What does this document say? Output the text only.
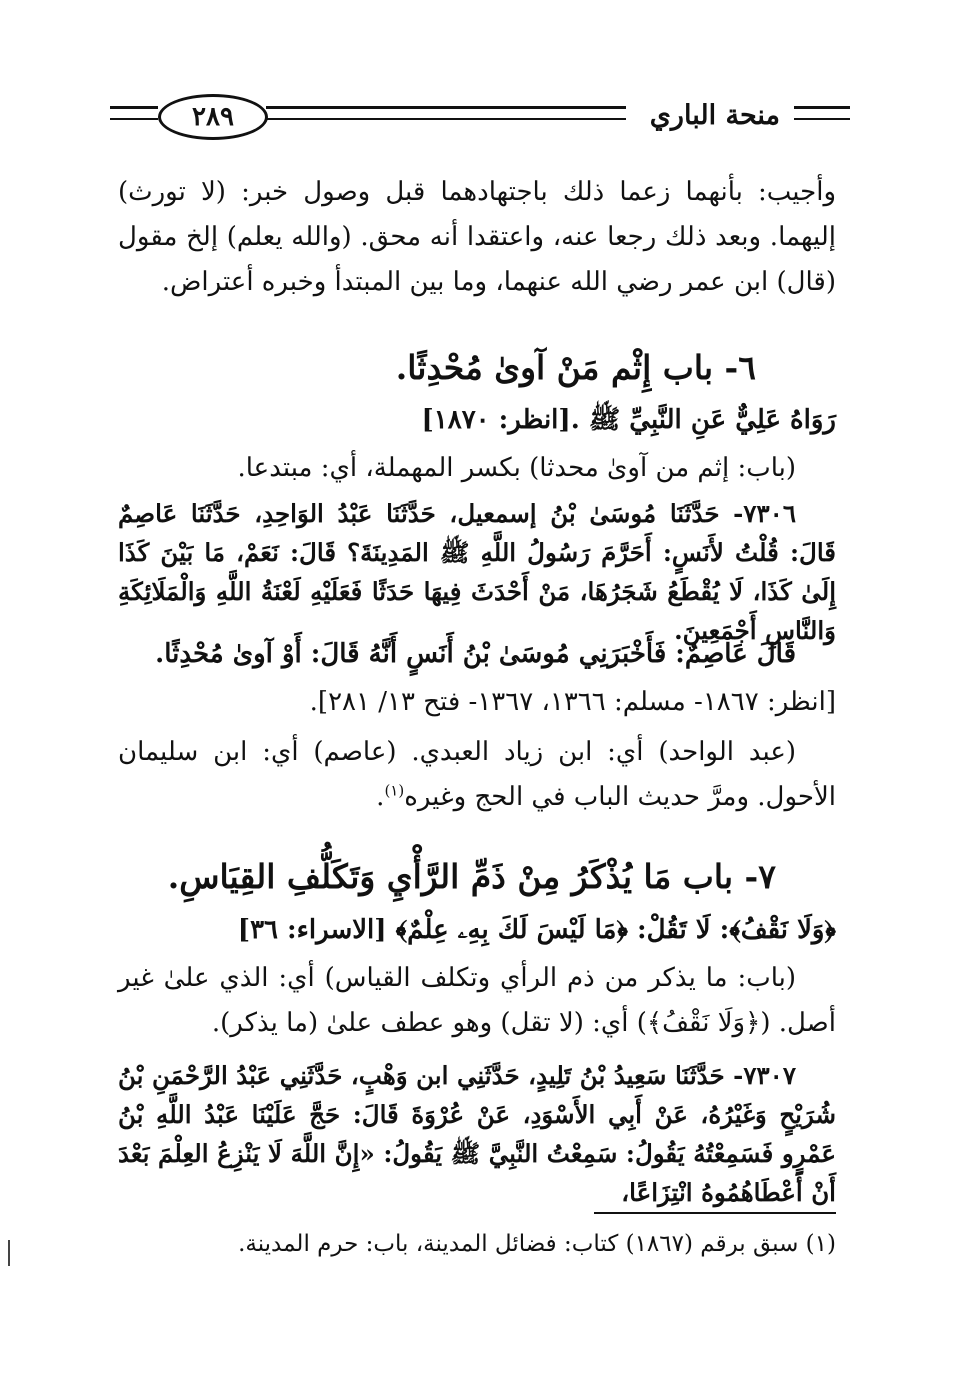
منحة الباري
٢٨٩
وأجيب: بأنهما زعما ذلك باجتهادهما قبل وصول خبر: (لا تورث) إليهما. وبعد ذلك رجعا عنه، واعتقدا أنه محق. (والله يعلم) إلخ مقول (قال) ابن عمر رضي الله عنهما، وما بين المبتدأ وخبره أعتراض.
٦- باب إِثْم مَنْ آوىٰ مُحْدِثًا.
رَوَاهُ عَلِيٌّ عَنِ النَّبِيِّ ﷺ .[انظر: ١٨٧٠]
(باب: إثم من آوىٰ محدثا) بكسر المهملة، أي: مبتدعا.
٧٣٠٦- حَدَّثَنَا مُوسَىٰ بْنُ إسمعيل، حَدَّثَنَا عَبْدُ الوَاحِدِ، حَدَّثَنَا عَاصِمٌ قَالَ: قُلْتُ لأَنَسٍ: أَحَرَّمَ رَسُولُ اللَّهِ ﷺ المَدِينَةَ؟ قَالَ: نَعَمْ، مَا بَيْنَ كَذَا إِلَىٰ كَذَا، لَا يُقْطَعُ شَجَرُهَا، مَنْ أَحْدَثَ فِيهَا حَدَثًا فَعَلَيْهِ لَعْنَةُ اللَّهِ وَالْمَلَائِكَةِ وَالنَّاسِ أَجْمَعِينَ.
قَالَ عَاصِمٌ: فَأَخْبَرَنِي مُوسَىٰ بْنُ أَنَسٍ أَنَّهُ قَالَ: أَوْ آوىٰ مُحْدِثًا.
[انظر: ١٨٦٧- مسلم: ١٣٦٦، ١٣٦٧- فتح ١٣/ ٢٨١].
(عبد الواحد) أي: ابن زياد العبدي. (عاصم) أي: ابن سليمان الأحول. ومرَّ حديث الباب في الحج وغيره$^{(١)}$.
٧- باب مَا يُذْكَرُ مِنْ ذَمِّ الرَّأْيِ وَتَكَلُّفِ القِيَاسِ.
﴿وَلَا نَقْفُ﴾: لَا تَقُلْ: ﴿مَا لَيْسَ لَكَ بِهِۦ عِلْمٌ﴾ [الاسراء: ٣٦]
(باب: ما يذكر من ذم الرأي وتكلف القياس) أي: الذي علىٰ غير أصل. (﴿وَلَا نَقْفُ﴾) أي: (لا تقل) وهو عطف علىٰ (ما يذكر).
٧٣٠٧- حَدَّثَنَا سَعِيدُ بْنُ تَلِيدٍ، حَدَّثَنِي ابن وَهْبٍ، حَدَّثَنِي عَبْدُ الرَّحْمَنِ بْنُ شُرَيْحٍ وَغَيْرُهُ، عَنْ أَبِي الأَسْوَدِ، عَنْ عُرْوَةَ قَالَ: حَجَّ عَلَيْنَا عَبْدُ اللَّهِ بْنُ عَمْرٍو فَسَمِعْتُهُ يَقُولُ: سَمِعْتُ النَّبِيَّ ﷺ يَقُولُ: «إِنَّ اللَّهَ لَا يَنْزِعُ العِلْمَ بَعْدَ أَنْ أَعْطَاهُمُوهُ انْتِزَاعًا،
(١) سبق برقم (١٨٦٧) كتاب: فضائل المدينة، باب: حرم المدينة.
